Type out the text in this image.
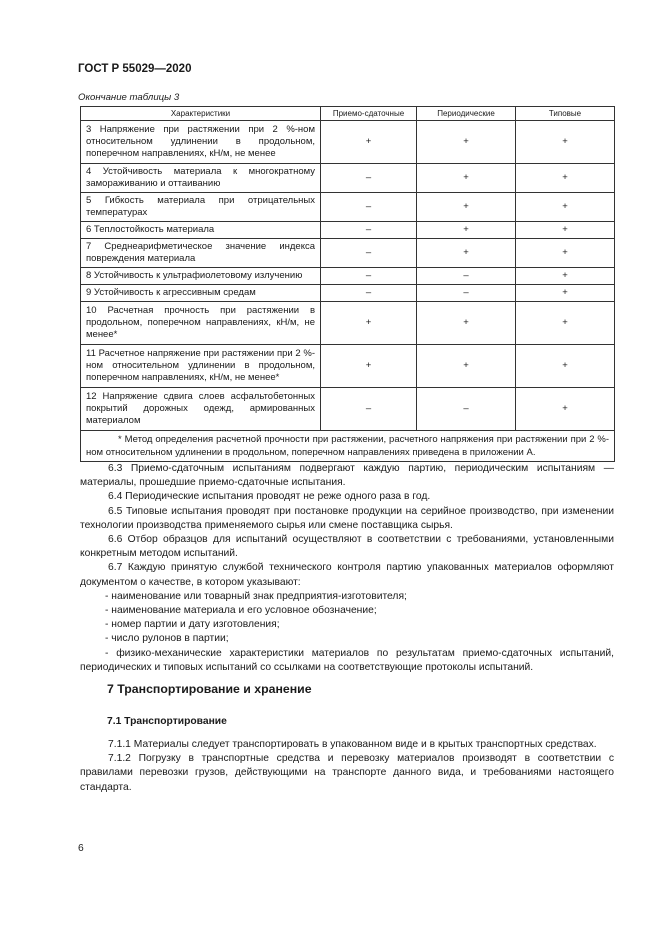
ГОСТ Р 55029—2020
Окончание таблицы 3
Характеристики	Приемо-сдаточные	Периодические	Типовые
3 Напряжение при растяжении при 2 %-ном относительном удлинении в продольном, поперечном направлениях, кН/м, не менее	+	+	+
4 Устойчивость материала к многократному замораживанию и оттаиванию	–	+	+
5 Гибкость материала при отрицательных температурах	–	+	+
6 Теплостойкость материала	–	+	+
7 Среднеарифметическое значение индекса повреждения материала	–	+	+
8 Устойчивость к ультрафиолетовому излучению	–	–	+
9 Устойчивость к агрессивным средам	–	–	+
10 Расчетная прочность при растяжении в продольном, поперечном направлениях, кН/м, не менее*	+	+	+
11 Расчетное напряжение при растяжении при 2 %-ном относительном удлинении в продольном, поперечном направлениях, кН/м, не менее*	+	+	+
12 Напряжение сдвига слоев асфальтобетонных покрытий дорожных одежд, армированных материалом	–	–	+
* Метод определения расчетной прочности при растяжении, расчетного напряжения при растяжении при 2 %-ном относительном удлинении в продольном, поперечном направлениях приведена в приложении А.			

6.3 Приемо-сдаточным испытаниям подвергают каждую партию, периодическим испытаниям — материалы, прошедшие приемо-сдаточные испытания.

6.4 Периодические испытания проводят не реже одного раза в год.

6.5 Типовые испытания проводят при постановке продукции на серийное производство, при изменении технологии производства применяемого сырья или смене поставщика сырья.

6.6 Отбор образцов для испытаний осуществляют в соответствии с требованиями, установленными конкретным методом испытаний.

6.7 Каждую принятую службой технического контроля партию упакованных материалов оформляют документом о качестве, в котором указывают:

- наименование или товарный знак предприятия-изготовителя;

- наименование материала и его условное обозначение;

- номер партии и дату изготовления;

- число рулонов в партии;

- физико-механические характеристики материалов по результатам приемо-сдаточных испытаний, периодических и типовых испытаний со ссылками на соответствующие протоколы испытаний.

7 Транспортирование и хранение
7.1 Транспортирование

7.1.1 Материалы следует транспортировать в упакованном виде и в крытых транспортных средствах.

7.1.2 Погрузку в транспортные средства и перевозку материалов производят в соответствии с правилами перевозки грузов, действующими на транспорте данного вида, и требованиями настоящего стандарта.

6
